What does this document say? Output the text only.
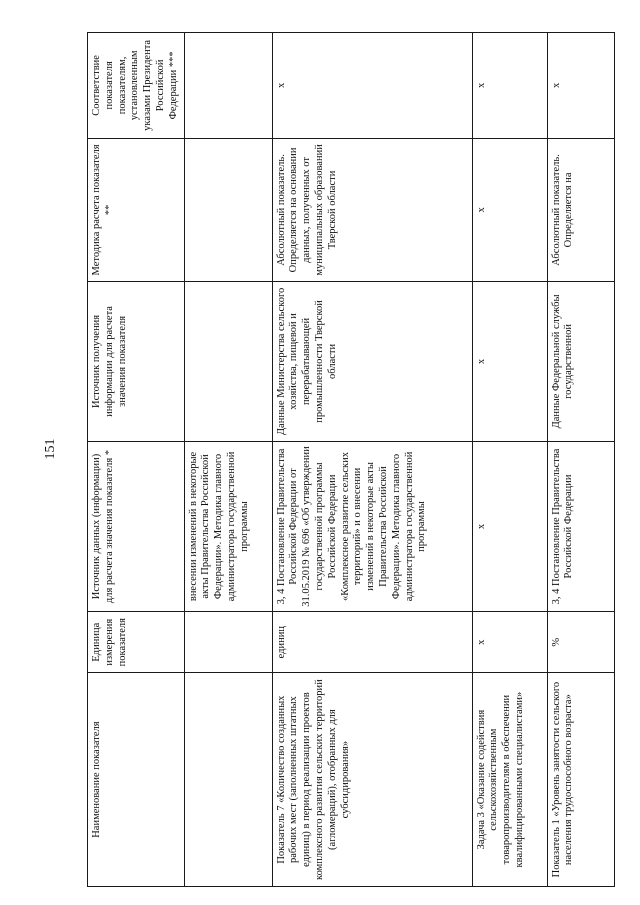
151
Наименование показателя	Единица измерения показателя	Источник данных (информации) для расчета значения показателя *	Источник получения информации для расчета значения показателя	Методика расчета показателя **	Соответствие показателя показателям, установленным указами Президента Российской Федерации ***
		внесении изменений в некоторые акты Правительства Российской Федерации». Методика главного администратора государственной программы			
Показатель 7 «Количество созданных рабочих мест (заполненных штатных единиц) в период реализации проектов комплексного развития сельских территорий (агломераций), отобранных для субсидирования»	единиц	3, 4 Постановление Правительства Российской Федерации от 31.05.2019 № 696 «Об утверждении государственной программы Российской Федерации «Комплексное развитие сельских территорий» и о внесении изменений в некоторые акты Правительства Российской Федерации». Методика главного администратора государственной программы	Данные Министерства сельского хозяйства, пищевой и перерабатывающей промышленности Тверской области	Абсолютный показатель. Определяется на основании данных, полученных от муниципальных образований Тверской области	х
Задача 3 «Оказание содействия сельскохозяйственным товаропроизводителям в обеспечении квалифицированными специалистами»	х	х	х	х	х
Показатель 1 «Уровень занятости сельского населения трудоспособного возраста»	%	3, 4 Постановление Правительства Российской Федерации	Данные Федеральной службы государственной	Абсолютный показатель. Определяется на	х
